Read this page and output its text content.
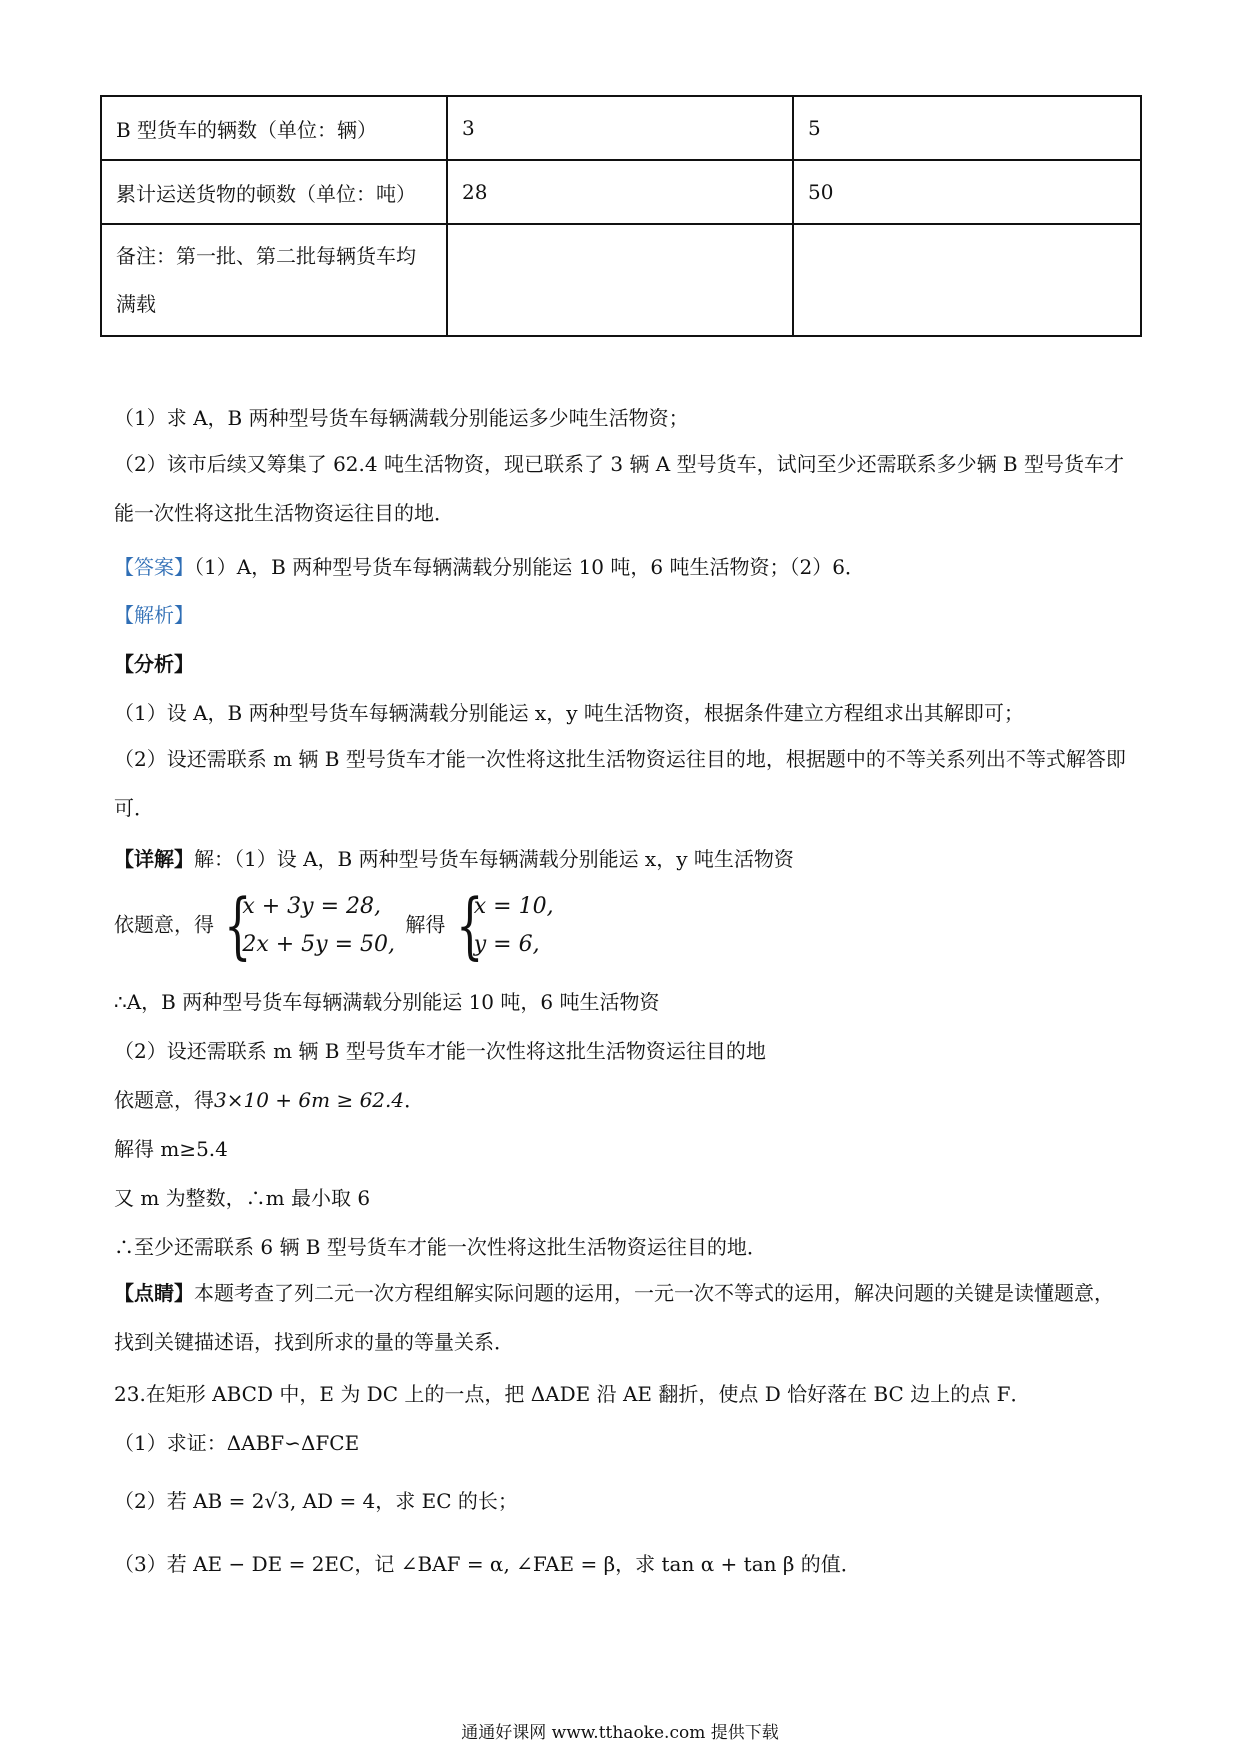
B 型货车的辆数（单位：辆）	3	5
累计运送货物的顿数（单位：吨）	28	50
备注：第一批、第二批每辆货车均满载		
（1）求 A，B 两种型号货车每辆满载分别能运多少吨生活物资；
（2）该市后续又筹集了 62.4 吨生活物资，现已联系了 3 辆 A 型号货车，试问至少还需联系多少辆 B 型号货车才能一次性将这批生活物资运往目的地．
【答案】（1）A，B 两种型号货车每辆满载分别能运 10 吨，6 吨生活物资；（2）6．
【解析】
【分析】
（1）设 A，B 两种型号货车每辆满载分别能运 x，y 吨生活物资，根据条件建立方程组求出其解即可；
（2）设还需联系 m 辆 B 型号货车才能一次性将这批生活物资运往目的地，根据题中的不等关系列出不等式解答即可．
【详解】解：（1）设 A，B 两种型号货车每辆满载分别能运 x，y 吨生活物资
依题意，得 {
x + 3y = 28,
2x + 5y = 50,
解得 {
x = 10,
y = 6,
∴A，B 两种型号货车每辆满载分别能运 10 吨，6 吨生活物资
（2）设还需联系 m 辆 B 型号货车才能一次性将这批生活物资运往目的地
依题意，得3×10 + 6m ≥ 62.4．
解得 m≥5.4
又 m 为整数，∴m 最小取 6
∴至少还需联系 6 辆 B 型号货车才能一次性将这批生活物资运往目的地．
【点睛】本题考查了列二元一次方程组解实际问题的运用，一元一次不等式的运用，解决问题的关键是读懂题意，找到关键描述语，找到所求的量的等量关系．
23.在矩形 ABCD 中，E 为 DC 上的一点，把 ΔADE 沿 AE 翻折，使点 D 恰好落在 BC 边上的点 F．
（1）求证：ΔABF∽ΔFCE
（2）若 AB = 2√3, AD = 4，求 EC 的长；
（3）若 AE − DE = 2EC，记 ∠BAF = α, ∠FAE = β，求 tan α + tan β 的值．
通通好课网 www.tthaoke.com 提供下载
